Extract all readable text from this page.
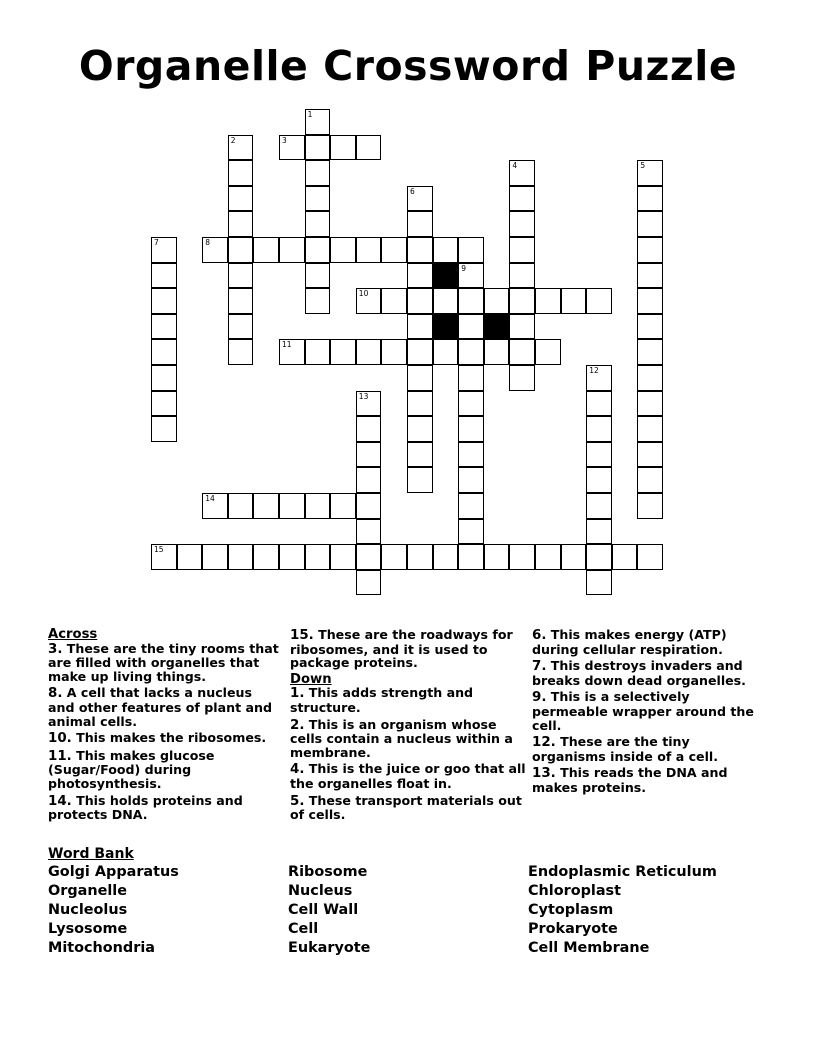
Organelle Crossword Puzzle
1
2	3
4	5
6
7	8
9
10
11
12
13
14
15
Across
3. These are the tiny rooms that are filled with organelles that make up living things.
8. A cell that lacks a nucleus and other features of plant and animal cells.
10. This makes the ribosomes.
11. This makes glucose (Sugar/Food) during photosynthesis.
14. This holds proteins and protects DNA.
15. These are the roadways for ribosomes, and it is used to package proteins.
Down
1. This adds strength and structure.
2. This is an organism whose cells contain a nucleus within a membrane.
4. This is the juice or goo that all the organelles float in.
5. These transport materials out of cells.
6. This makes energy (ATP) during cellular respiration.
7. This destroys invaders and breaks down dead organelles.
9. This is a selectively permeable wrapper around the cell.
12. These are the tiny organisms inside of a cell.
13. This reads the DNA and makes proteins.
Word Bank
Golgi Apparatus
Organelle
Nucleolus
Lysosome
Mitochondria
Ribosome
Nucleus
Cell Wall
Cell
Eukaryote
Endoplasmic Reticulum
Chloroplast
Cytoplasm
Prokaryote
Cell Membrane
